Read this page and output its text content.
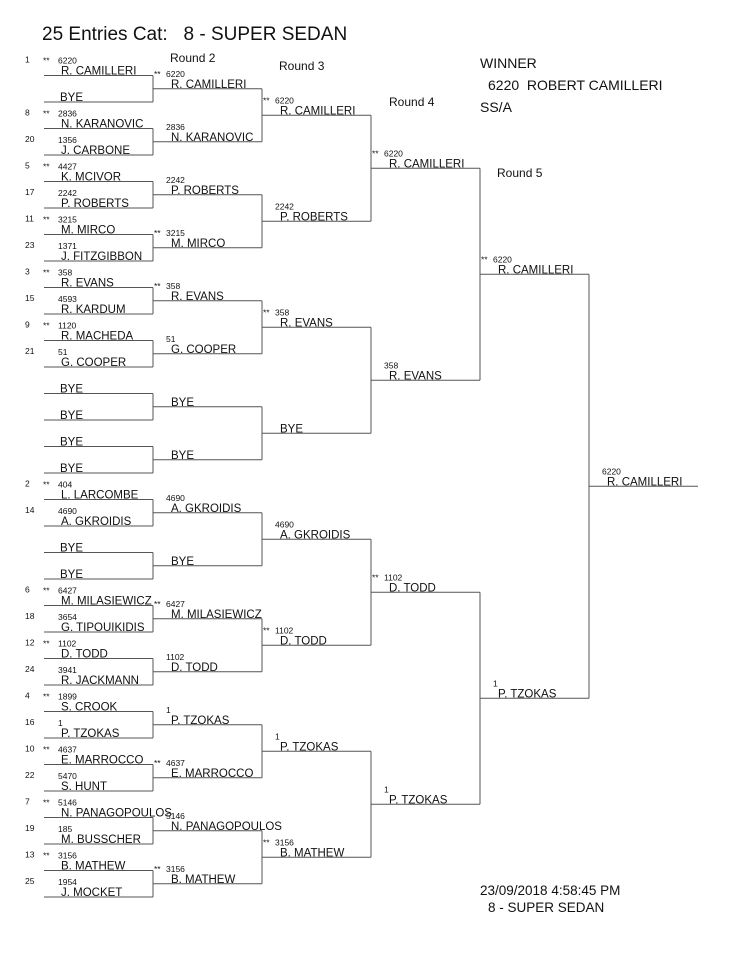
25 Entries Cat:   8 - SUPER SEDAN
WINNER
6220  ROBERT CAMILLERI
SS/A
Round 2
Round 3
Round 4
Round 5
1 ** 6220
R. CAMILLERI
BYE
8 ** 2836
N. KARANOVIC
20	1356
J. CARBONE
5 ** 4427
K. MCIVOR
17	2242
P. ROBERTS
11 ** 3215
M. MIRCO
23	1371
J. FITZGIBBON
3 ** 358
R. EVANS
15	4593
R. KARDUM
9 ** 1120
R. MACHEDA
21	51
G. COOPER
BYE
BYE
BYE
BYE
2 ** 404
L. LARCOMBE
14	4690
A. GKROIDIS
BYE
BYE
6 ** 6427
M. MILASIEWICZ
18	3654
G. TIPOUIKIDIS
12 ** 1102
D. TODD
24	3941
R. JACKMANN
4 ** 1899
S. CROOK
16	1
P. TZOKAS
10 ** 4637
E. MARROCCO
22	5470
S. HUNT
7 ** 5146
N. PANAGOPOULOS
19	185
M. BUSSCHER
13 ** 3156
B. MATHEW
25	1954
J. MOCKET
** 6220
R. CAMILLERI
2836
N. KARANOVIC
2242
P. ROBERTS
** 3215
M. MIRCO
** 358
R. EVANS
51
G. COOPER
BYE
BYE
4690
A. GKROIDIS
BYE
** 6427
M. MILASIEWICZ
1102
D. TODD
1
P. TZOKAS
** 4637
E. MARROCCO
5146
N. PANAGOPOULOS
** 3156
B. MATHEW
** 6220
R. CAMILLERI
2242
P. ROBERTS
** 358
R. EVANS
BYE
4690
A. GKROIDIS
** 1102
D. TODD
1
P. TZOKAS
** 3156
B. MATHEW
** 6220
R. CAMILLERI
358
R. EVANS
** 1102
D. TODD
1
P. TZOKAS
** 6220
R. CAMILLERI
1
P. TZOKAS
6220
R. CAMILLERI
23/09/2018 4:58:45 PM
8 - SUPER SEDAN
